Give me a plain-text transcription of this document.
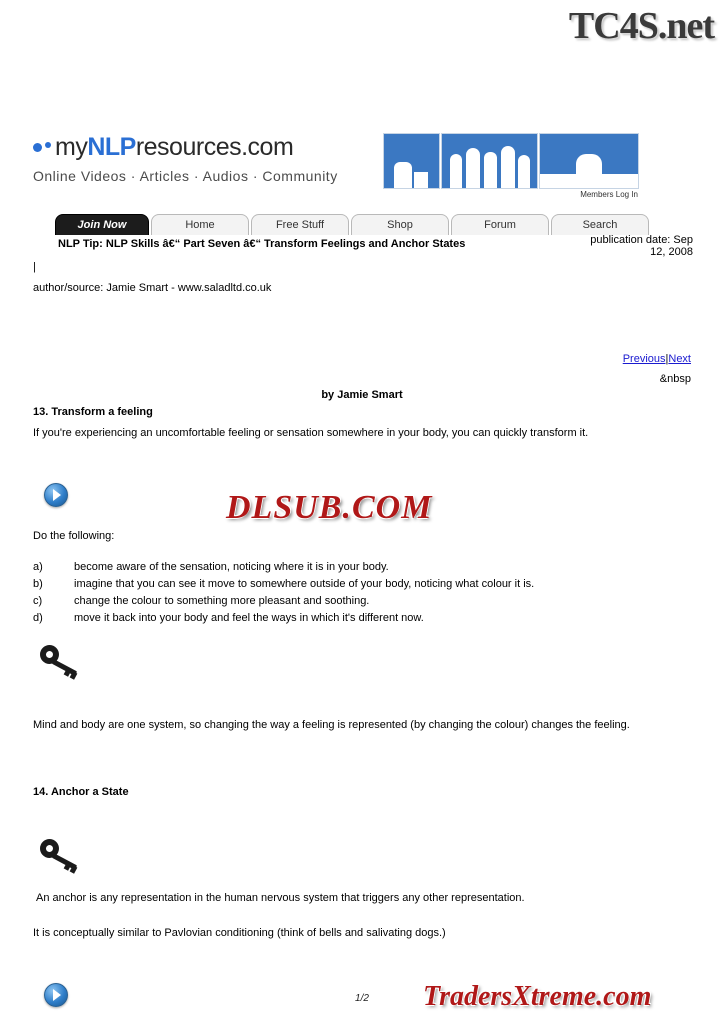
TC4S.net
myNLPresources.com
Online Videos · Articles · Audios · Community
Members Log In
Join Now	Home	Free Stuff	Shop	Forum	Search
NLP Tip: NLP Skills â€“ Part Seven â€“ Transform Feelings and Anchor States	publication date: Sep
12, 2008
|
author/source: Jamie Smart - www.saladltd.co.uk
Previous|Next
&nbsp
by Jamie Smart
13. Transform a feeling
If you're experiencing an uncomfortable feeling or sensation somewhere in your body, you can quickly transform it.
DLSUB.COM
Do the following:
a)	become aware of the sensation, noticing where it is in your body.
b)	imagine that you can see it move to somewhere outside of your body, noticing what colour it is.
c)	change the colour to something more pleasant and soothing.
d)	move it back into your body and feel the ways in which it's different now.
Mind and body are one system, so changing the way a feeling is represented (by changing the colour) changes the feeling.
14. Anchor a State
An anchor is any representation in the human nervous system that triggers any other representation.
It is conceptually similar to Pavlovian conditioning (think of bells and salivating dogs.)
1/2	TradersXtreme.com
